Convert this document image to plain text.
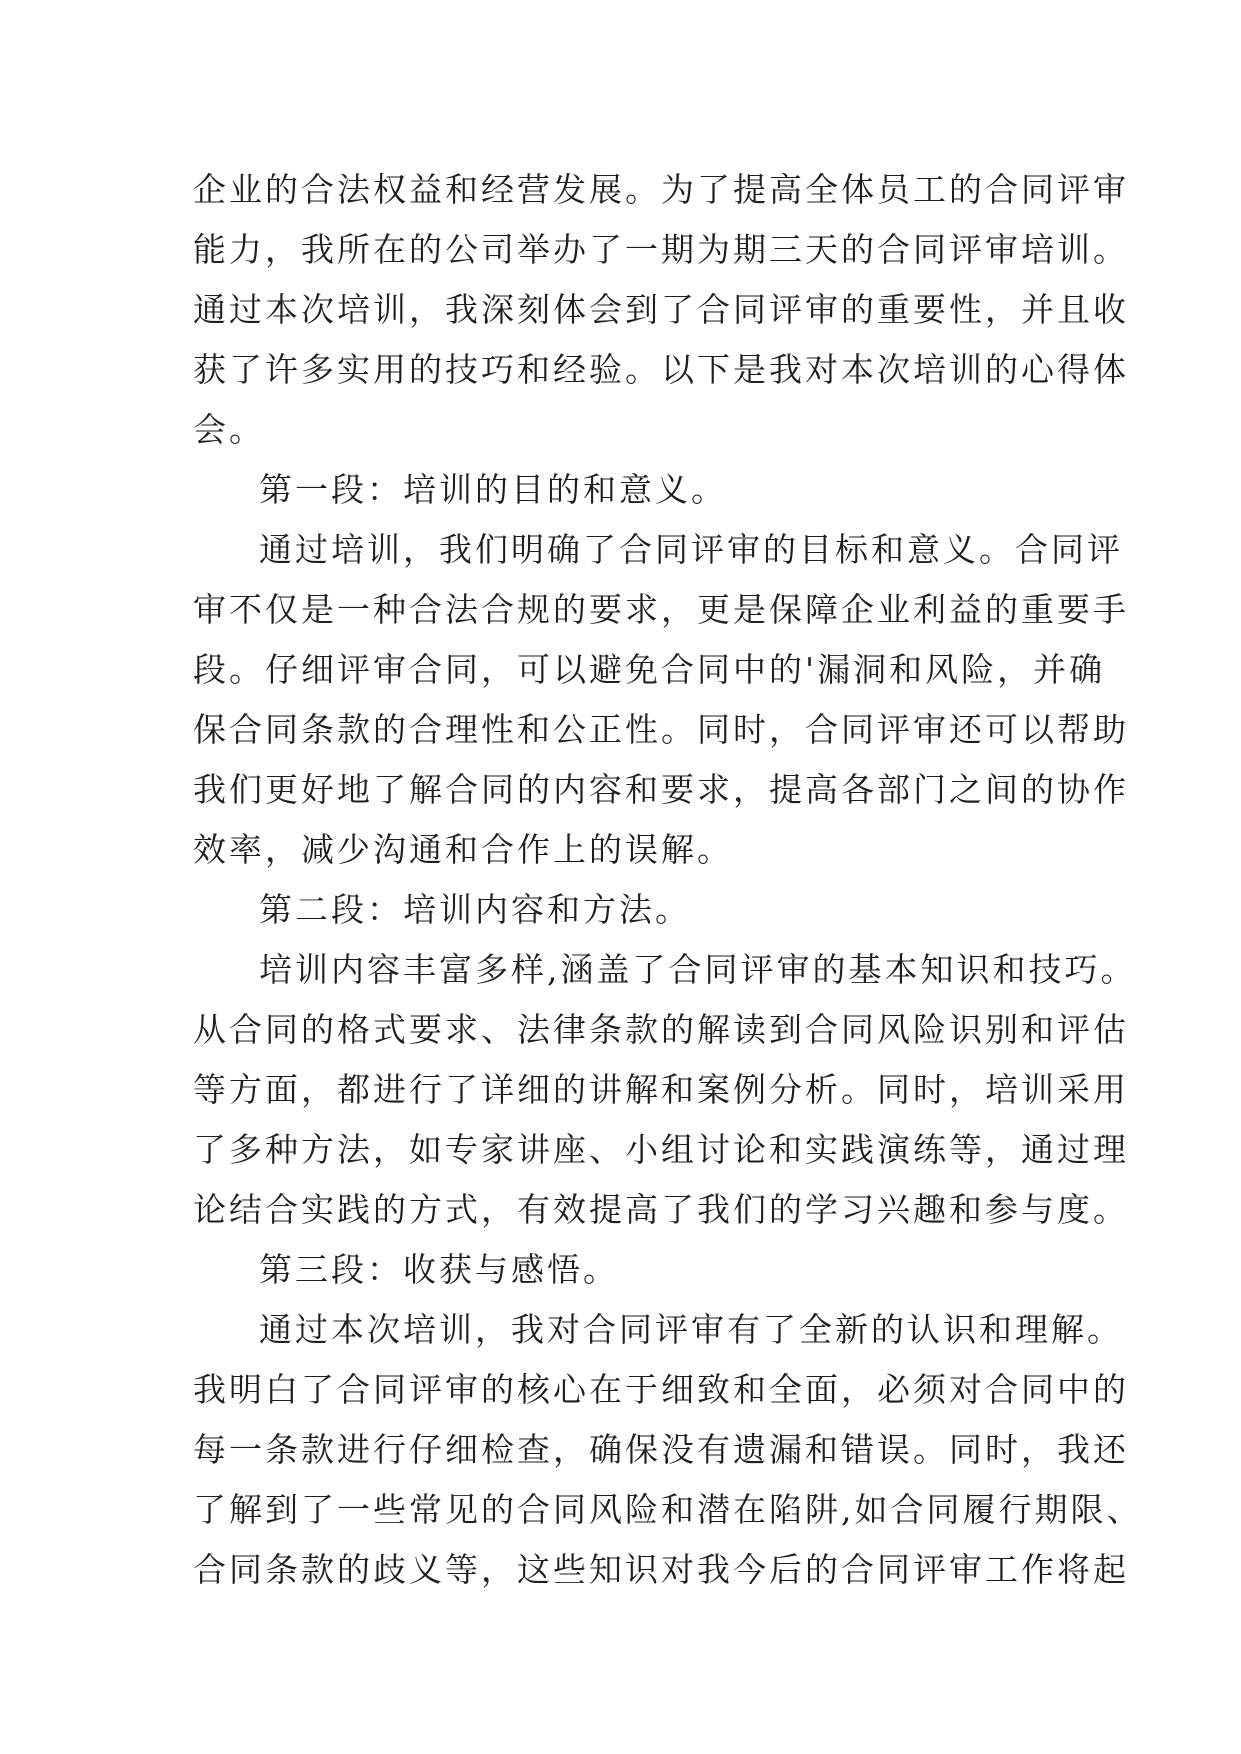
企业的合法权益和经营发展。为了提高全体员工的合同评审
能力，我所在的公司举办了一期为期三天的合同评审培训。
通过本次培训，我深刻体会到了合同评审的重要性，并且收
获了许多实用的技巧和经验。以下是我对本次培训的心得体
会。
第一段：培训的目的和意义。
通过培训，我们明确了合同评审的目标和意义。合同评
审不仅是一种合法合规的要求，更是保障企业利益的重要手
段。仔细评审合同，可以避免合同中的'漏洞和风险，并确
保合同条款的合理性和公正性。同时，合同评审还可以帮助
我们更好地了解合同的内容和要求，提高各部门之间的协作
效率，减少沟通和合作上的误解。
第二段：培训内容和方法。
培训内容丰富多样,涵盖了合同评审的基本知识和技巧。
从合同的格式要求、法律条款的解读到合同风险识别和评估
等方面，都进行了详细的讲解和案例分析。同时，培训采用
了多种方法，如专家讲座、小组讨论和实践演练等，通过理
论结合实践的方式，有效提高了我们的学习兴趣和参与度。
第三段：收获与感悟。
通过本次培训，我对合同评审有了全新的认识和理解。
我明白了合同评审的核心在于细致和全面，必须对合同中的
每一条款进行仔细检查，确保没有遗漏和错误。同时，我还
了解到了一些常见的合同风险和潜在陷阱,如合同履行期限、
合同条款的歧义等，这些知识对我今后的合同评审工作将起
